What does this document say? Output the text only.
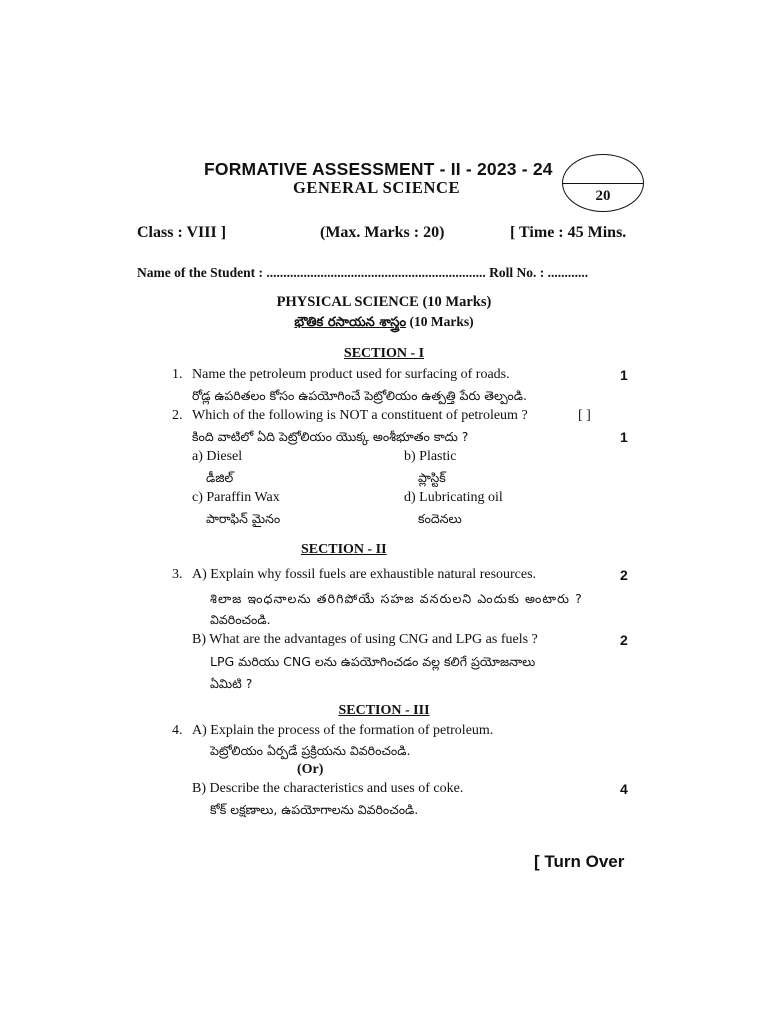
FORMATIVE ASSESSMENT - II - 2023 - 24
GENERAL SCIENCE	20
Class : VIII ]	(Max. Marks : 20)	[ Time : 45 Mins.
Name of the Student : ................................................................. Roll No. : ............
PHYSICAL SCIENCE (10 Marks)
భౌతిక రసాయన శాస్త్రం (10 Marks)
SECTION - I
1. Name the petroleum product used for surfacing of roads.	1
రోడ్ల ఉపరితలం కోసం ఉపయోగించే పెట్రోలియం ఉత్పత్తి పేరు తెల్పండి.
2. Which of the following is NOT a constituent of petroleum ?	[ ]
కింది వాటిలో ఏది పెట్రోలియం యొక్క అంశీభూతం కాదు ?	1
a) Diesel	b) Plastic
డీజిల్	ప్లాస్టిక్
c) Paraffin Wax	d) Lubricating oil
పారాఫిన్ మైనం	కందెనలు
SECTION - II
3. A) Explain why fossil fuels are exhaustible natural resources.	2
శిలాజ ఇంధనాలను తరిగిపోయే సహజ వనరులని ఎందుకు అంటారు ?
వివరించండి.
B) What are the advantages of using CNG and LPG as fuels ?	2
LPG మరియు CNG లను ఉపయోగించడం వల్ల కలిగే ప్రయోజనాలు
ఏమిటి ?
SECTION - III
4. A) Explain the process of the formation of petroleum.
పెట్రోలియం ఏర్పడే ప్రక్రియను వివరించండి.
(Or)
B) Describe the characteristics and uses of coke.	4
కోక్ లక్షణాలు, ఉపయోగాలను వివరించండి.
[ Turn Over
